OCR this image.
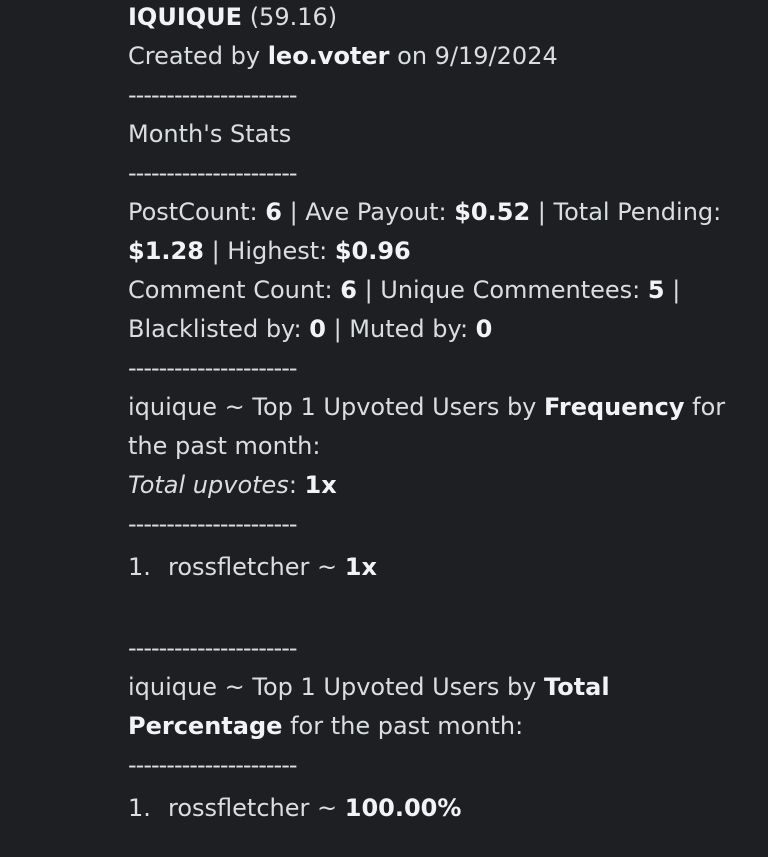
IQUIQUE (59.16)
Created by leo.voter on 9/19/2024
----------------------
Month's Stats
----------------------
PostCount: 6 | Ave Payout: $0.52 | Total Pending:
$1.28 | Highest: $0.96
Comment Count: 6 | Unique Commentees: 5 |
Blacklisted by: 0 | Muted by: 0
----------------------
iquique ~ Top 1 Upvoted Users by Frequency for the past month:
Total upvotes: 1x
----------------------
1. rossfletcher ~ 1x
----------------------
iquique ~ Top 1 Upvoted Users by Total Percentage for the past month:
----------------------
1. rossfletcher ~ 100.00%
